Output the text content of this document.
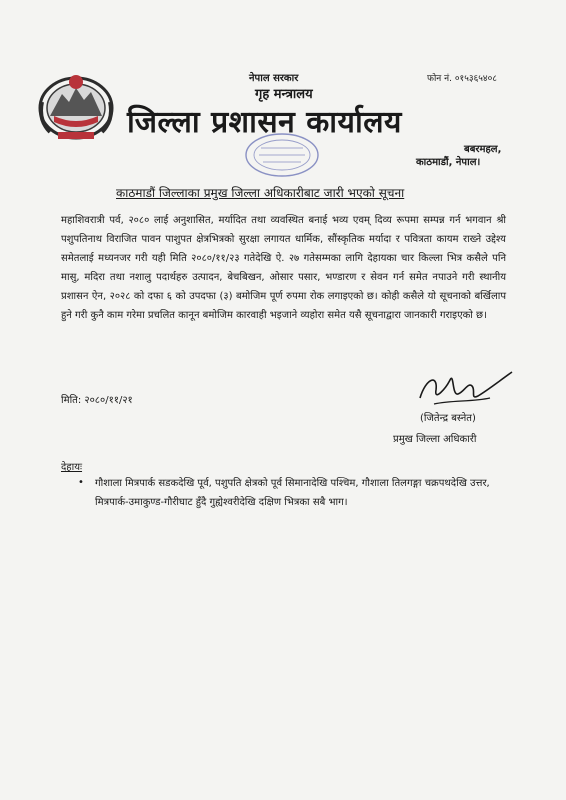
नेपाल सरकार	फोन नं. ०१५३६५४०८
गृह मन्त्रालय
जिल्ला प्रशासन कार्यालय
बबरमहल,
काठमाडौं, नेपाल।
काठमाडौं जिल्लाका प्रमुख जिल्ला अधिकारीबाट जारी भएको सूचना

महाशिवरात्री पर्व, २०८० लाई अनुशासित, मर्यादित तथा व्यवस्थित बनाई भव्य एवम् दिव्य रूपमा सम्पन्न गर्न भगवान श्री पशुपतिनाथ विराजित पावन पाशुपत क्षेत्रभित्रको सुरक्षा लगायत धार्मिक, सौंस्कृतिक मर्यादा र पवित्रता कायम राख्ने उद्देश्य समेतलाई मध्यनजर गरी यही मिति २०८०/११/२३ गतेदेखि ऐ. २७ गतेसम्मका लागि देहायका चार किल्ला भित्र कसैले पनि मासु, मदिरा तथा नशालु पदार्थहरु उत्पादन, बेचबिखन, ओसार पसार, भण्डारण र सेवन गर्न समेत नपाउने गरी स्थानीय प्रशासन ऐन, २०२८ को दफा ६ को उपदफा (३) बमोजिम पूर्ण रुपमा रोक लगाइएको छ। कोही कसैले यो सूचनाको बर्खिलाप हुने गरी कुनै काम गरेमा प्रचलित कानून बमोजिम कारवाही भइजाने व्यहोरा समेत यसै सूचनाद्वारा जानकारी गराइएको छ।

मिति: २०८०/११/२१
(जितेन्द्र बस्नेत)
प्रमुख जिल्ला अधिकारी
देहायः
• गौशाला मित्रपार्क सडकदेखि पूर्व, पशुपति क्षेत्रको पूर्व सिमानादेखि पश्चिम, गौशाला तिलगङ्गा चक्रपथदेखि उत्तर, मित्रपार्क-उमाकुण्ड-गौरीघाट हुँदै गुह्येश्वरीदेखि दक्षिण भित्रका सबै भाग।
